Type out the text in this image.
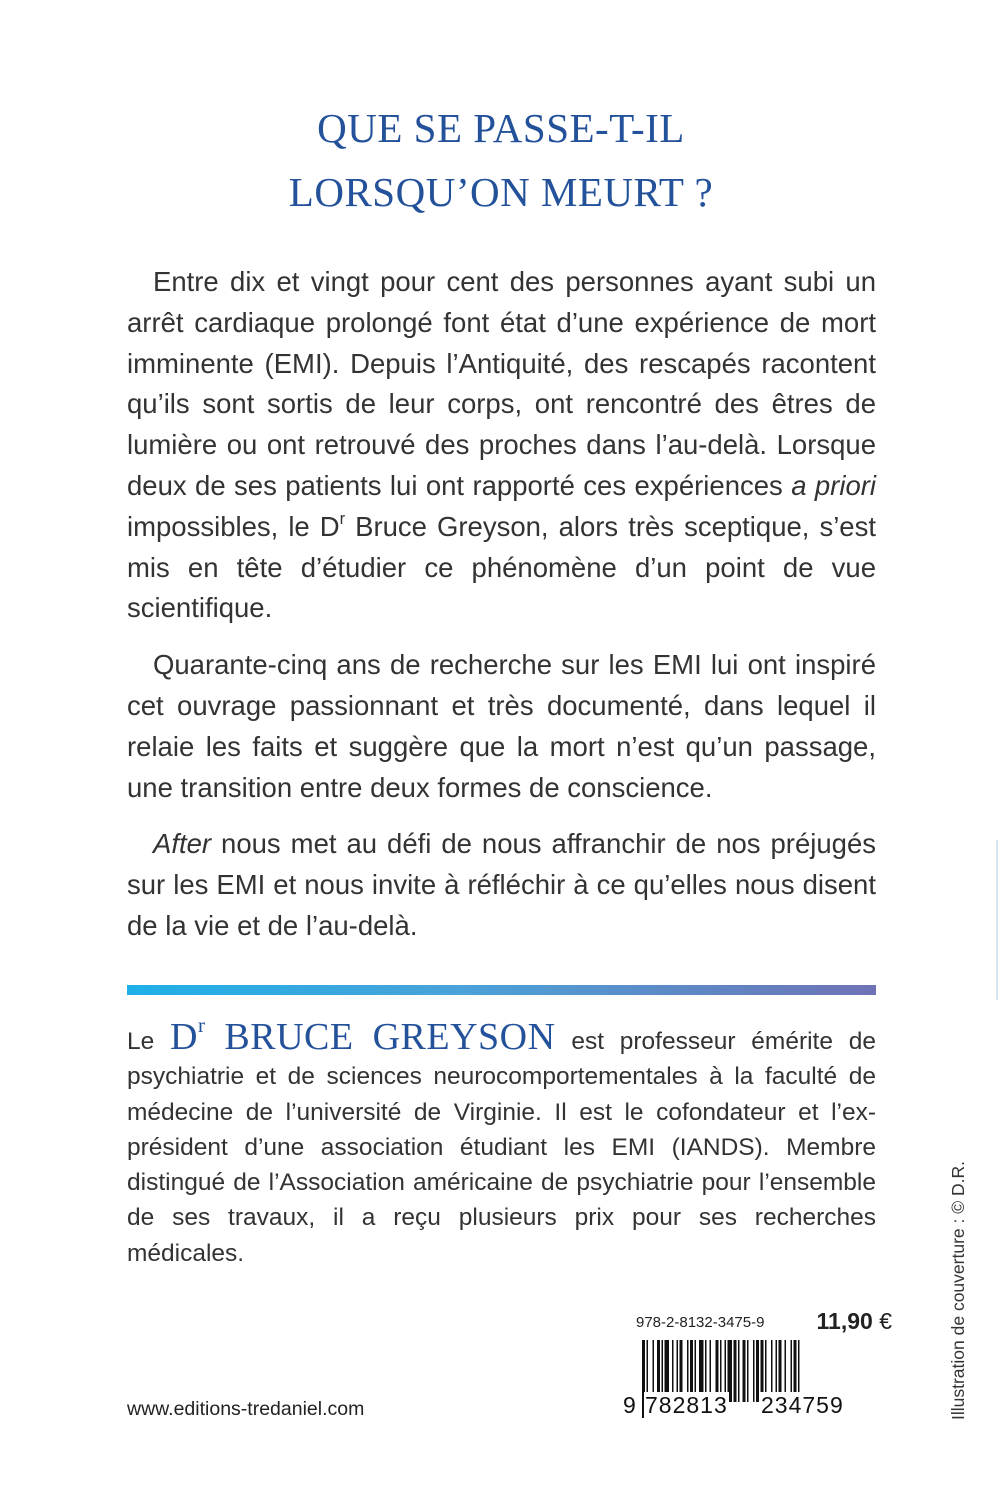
QUE SE PASSE-T-IL
LORSQU’ON MEURT ?

Entre dix et vingt pour cent des personnes ayant subi un arrêt cardiaque prolongé font état d’une expérience de mort imminente (EMI). Depuis l’Antiquité, des rescapés racontent qu’ils sont sortis de leur corps, ont rencontré des êtres de lumière ou ont retrouvé des proches dans l’au-delà. Lorsque deux de ses patients lui ont rapporté ces expériences a priori impossibles, le $D^r$ Bruce Greyson, alors très sceptique, s’est mis en tête d’étudier ce phénomène d’un point de vue scientifique.

Quarante-cinq ans de recherche sur les EMI lui ont inspiré cet ouvrage passionnant et très documenté, dans lequel il relaie les faits et suggère que la mort n’est qu’un passage, une transition entre deux formes de conscience.

After nous met au défi de nous affranchir de nos préjugés sur les EMI et nous invite à réfléchir à ce qu’elles nous disent de la vie et de l’au-delà.

Le $D^r$ BRUCE GREYSON est professeur émérite de psychiatrie et de sciences neurocomportementales à la faculté de médecine de l’université de Virginie. Il est le cofondateur et l’ex-président d’une association étudiant les EMI (IANDS). Membre distingué de l’Association américaine de psychiatrie pour l’ensemble de ses travaux, il a reçu plusieurs prix pour ses recherches médicales.	Illustration de couverture : © D.R.
978-2-8132-3475-9 11,90 €
9 782813 234759
www.editions-tredaniel.com
